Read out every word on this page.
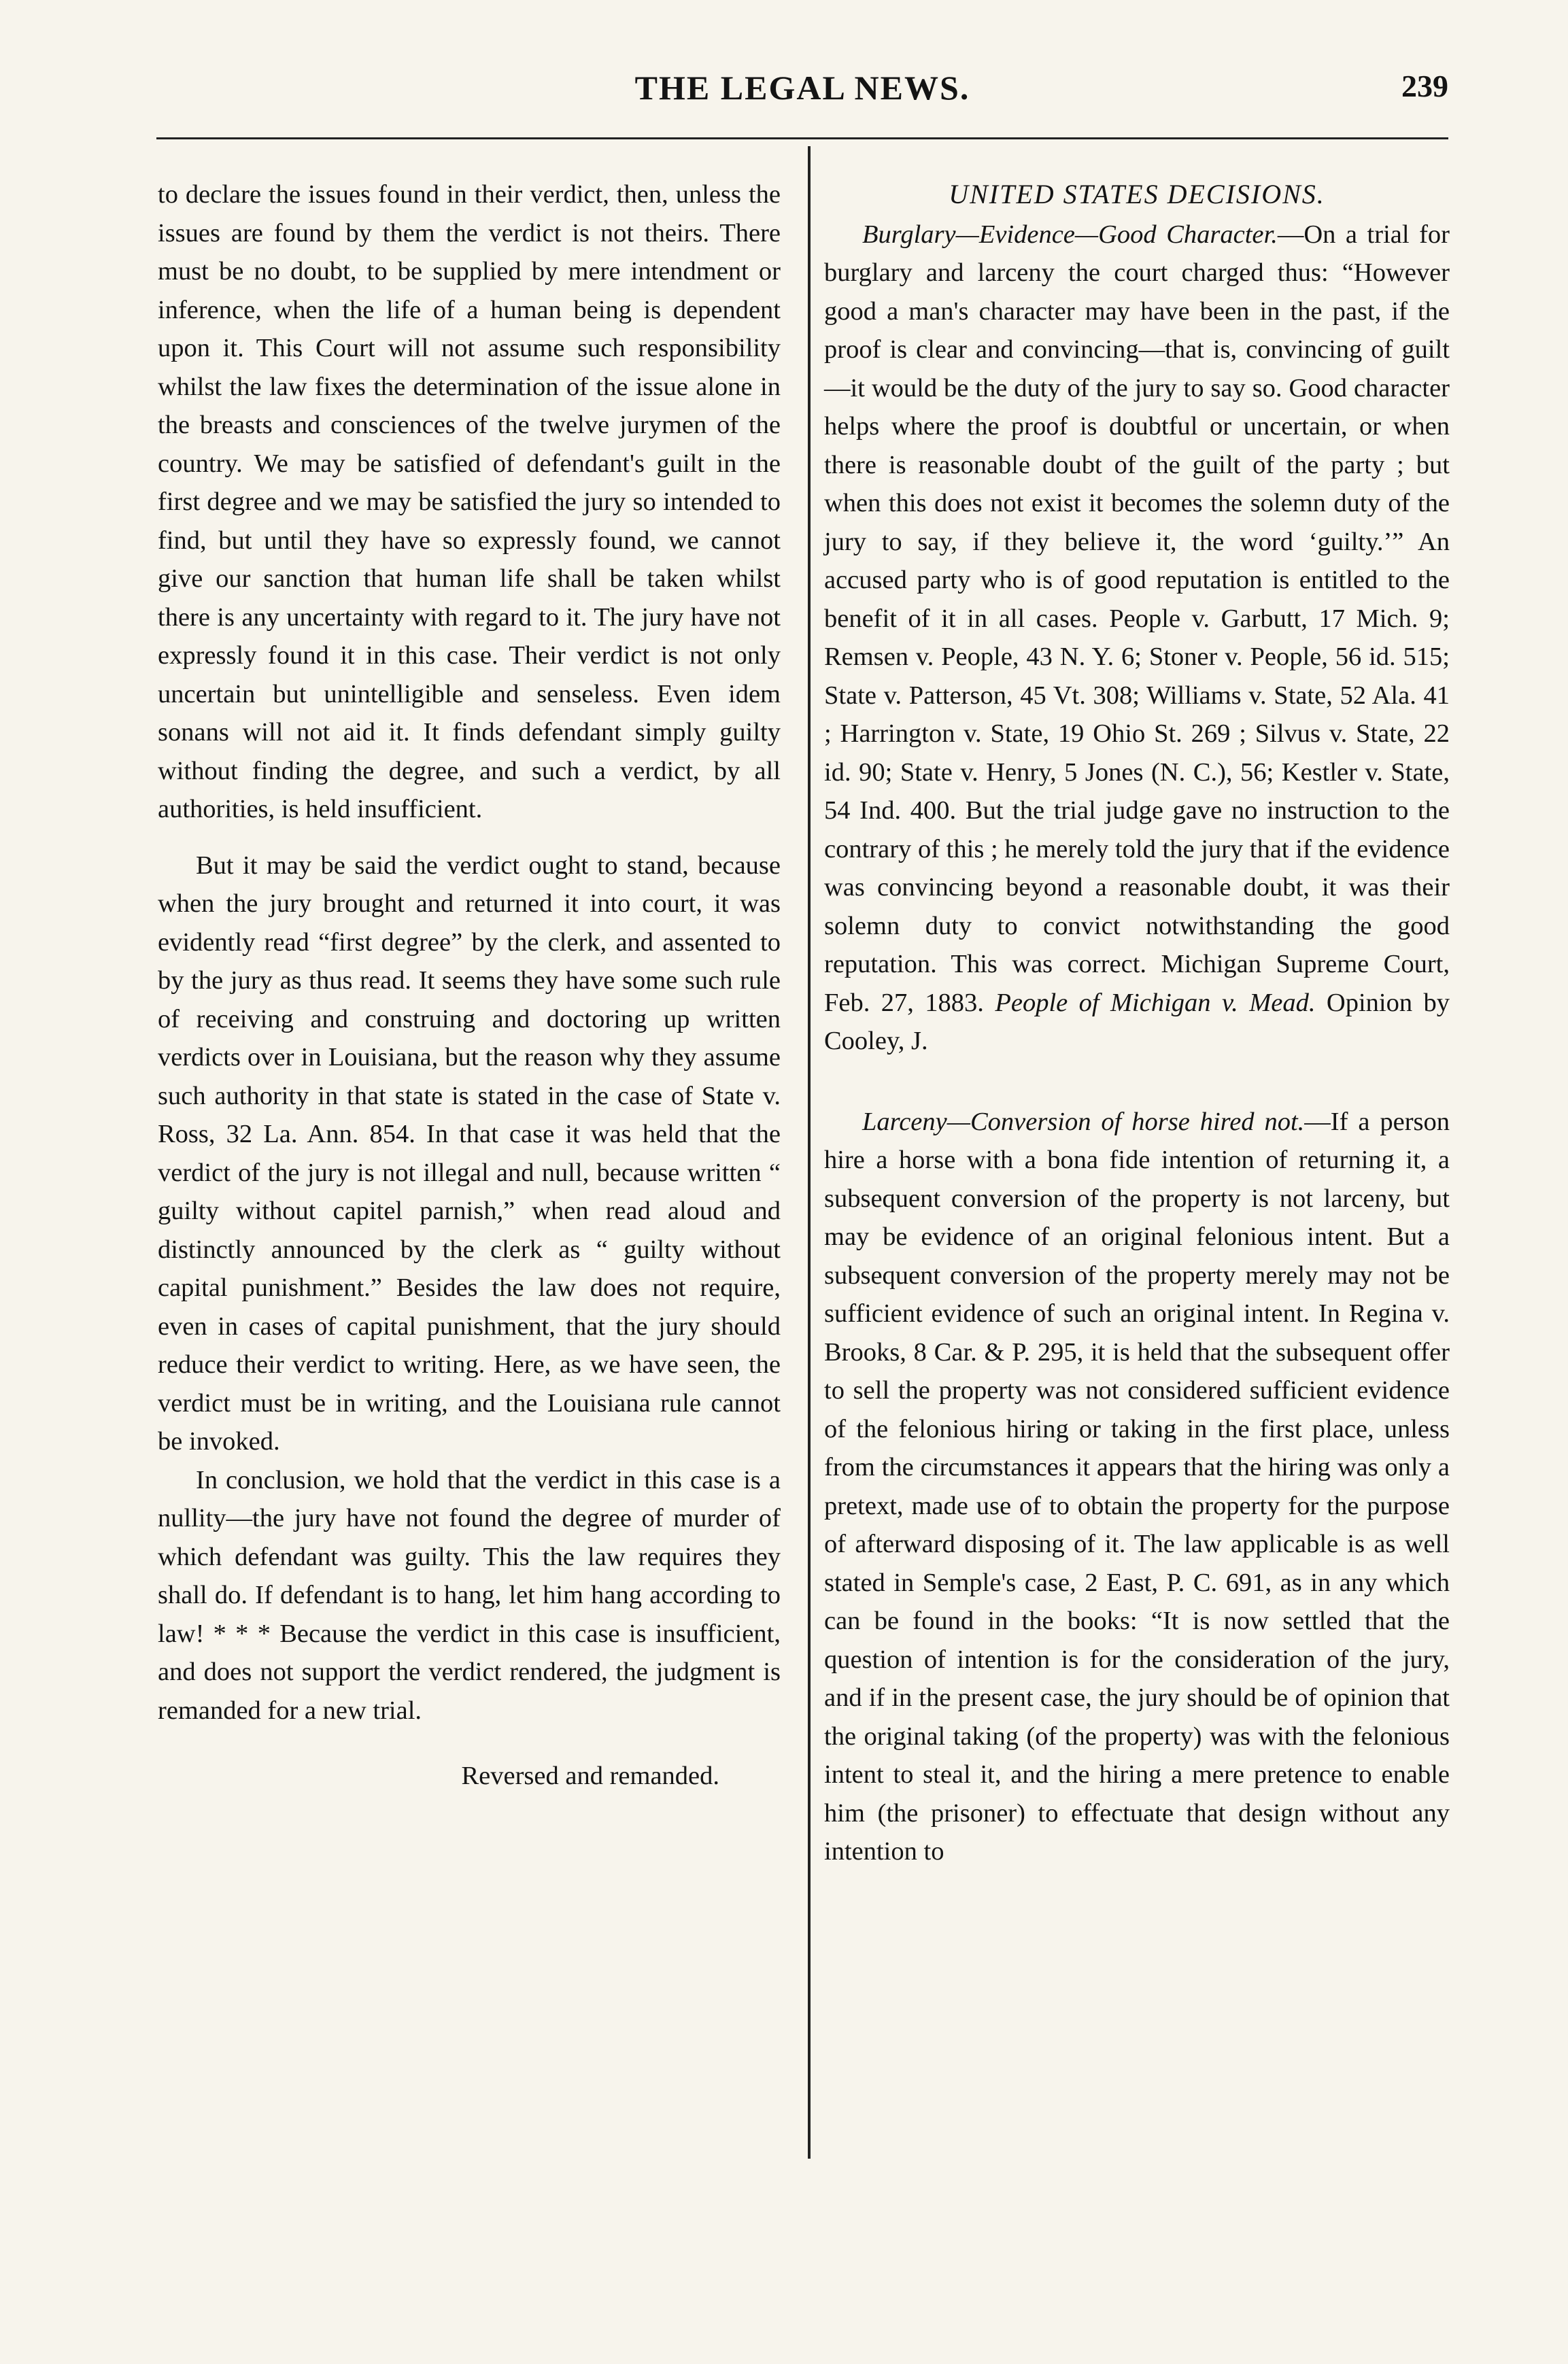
THE LEGAL NEWS.	239

to declare the issues found in their verdict, then, unless the issues are found by them the verdict is not theirs. There must be no doubt, to be supplied by mere intendment or inference, when the life of a human being is dependent upon it. This Court will not assume such responsibility whilst the law fixes the determination of the issue alone in the breasts and consciences of the twelve jurymen of the country. We may be satisfied of defendant's guilt in the first degree and we may be satisfied the jury so intended to find, but until they have so expressly found, we cannot give our sanction that human life shall be taken whilst there is any uncertainty with regard to it. The jury have not expressly found it in this case. Their verdict is not only uncertain but unintelligible and senseless. Even idem sonans will not aid it. It finds defendant simply guilty without finding the degree, and such a verdict, by all authorities, is held insufficient.

But it may be said the verdict ought to stand, because when the jury brought and returned it into court, it was evidently read “first degree” by the clerk, and assented to by the jury as thus read. It seems they have some such rule of receiving and construing and doctoring up written verdicts over in Louisiana, but the reason why they assume such authority in that state is stated in the case of State v. Ross, 32 La. Ann. 854. In that case it was held that the verdict of the jury is not illegal and null, because written “ guilty without capitel parnish,” when read aloud and distinctly announced by the clerk as “ guilty without capital punishment.” Besides the law does not require, even in cases of capital punishment, that the jury should reduce their verdict to writing. Here, as we have seen, the verdict must be in writing, and the Louisiana rule cannot be invoked.

In conclusion, we hold that the verdict in this case is a nullity—the jury have not found the degree of murder of which defendant was guilty. This the law requires they shall do. If defendant is to hang, let him hang according to law! * * * Because the verdict in this case is insufficient, and does not support the verdict rendered, the judgment is remanded for a new trial.

Reversed and remanded.

UNITED STATES DECISIONS.

Burglary—Evidence—Good Character.—On a trial for burglary and larceny the court charged thus: “However good a man's character may have been in the past, if the proof is clear and convincing—that is, convincing of guilt—it would be the duty of the jury to say so. Good character helps where the proof is doubtful or uncertain, or when there is reasonable doubt of the guilt of the party ; but when this does not exist it becomes the solemn duty of the jury to say, if they believe it, the word ‘guilty.’” An accused party who is of good reputation is entitled to the benefit of it in all cases. People v. Garbutt, 17 Mich. 9; Remsen v. People, 43 N. Y. 6; Stoner v. People, 56 id. 515; State v. Patterson, 45 Vt. 308; Williams v. State, 52 Ala. 41 ; Harrington v. State, 19 Ohio St. 269 ; Silvus v. State, 22 id. 90; State v. Henry, 5 Jones (N. C.), 56; Kestler v. State, 54 Ind. 400. But the trial judge gave no instruction to the contrary of this ; he merely told the jury that if the evidence was convincing beyond a reasonable doubt, it was their solemn duty to convict notwithstanding the good reputation. This was correct. Michigan Supreme Court, Feb. 27, 1883. People of Michigan v. Mead. Opinion by Cooley, J.

Larceny—Conversion of horse hired not.—If a person hire a horse with a bona fide intention of returning it, a subsequent conversion of the property is not larceny, but may be evidence of an original felonious intent. But a subsequent conversion of the property merely may not be sufficient evidence of such an original intent. In Regina v. Brooks, 8 Car. & P. 295, it is held that the subsequent offer to sell the property was not considered sufficient evidence of the felonious hiring or taking in the first place, unless from the circumstances it appears that the hiring was only a pretext, made use of to obtain the property for the purpose of afterward disposing of it. The law applicable is as well stated in Semple's case, 2 East, P. C. 691, as in any which can be found in the books: “It is now settled that the question of intention is for the consideration of the jury, and if in the present case, the jury should be of opinion that the original taking (of the property) was with the felonious intent to steal it, and the hiring a mere pretence to enable him (the prisoner) to effectuate that design without any intention to
